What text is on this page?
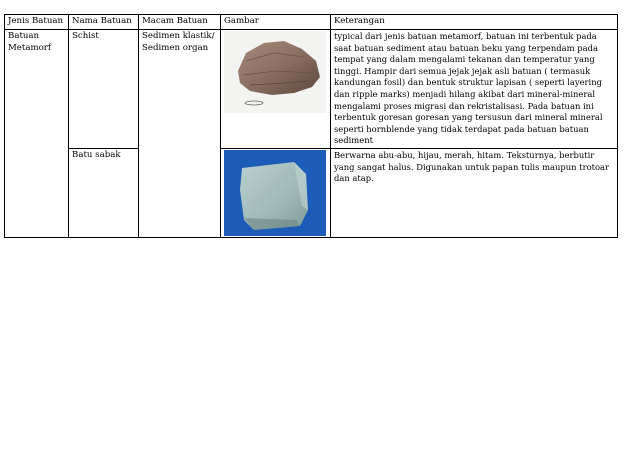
Jenis Batuan	Nama Batuan	Macam Batuan	Gambar	Keterangan
Batuan Metamorf	Schist	Sedimen klastik/ Sedimen organ		typical dari jenis batuan metamorf, batuan ini terbentuk pada saat batuan sediment atau batuan beku yang terpendam pada tempat yang dalam mengalami tekanan dan temperatur yang tinggi. Hampir dari semua jejak jejak asli batuan ( termasuk kandungan fosil) dan bentuk struktur lapisan ( seperti layering dan ripple marks) menjadi hilang akibat dari mineral-mineral mengalami proses migrasi dan rekristalisasi. Pada batuan ini terbentuk goresan goresan yang tersusun dari mineral mineral seperti hornblende yang tidak terdapat pada batuan batuan sediment
	Batu sabak			Berwarna abu-abu, hijau, merah, hitam. Teksturnya, berbutir yang sangat halus. Digunakan untuk papan tulis maupun trotoar dan atap.
